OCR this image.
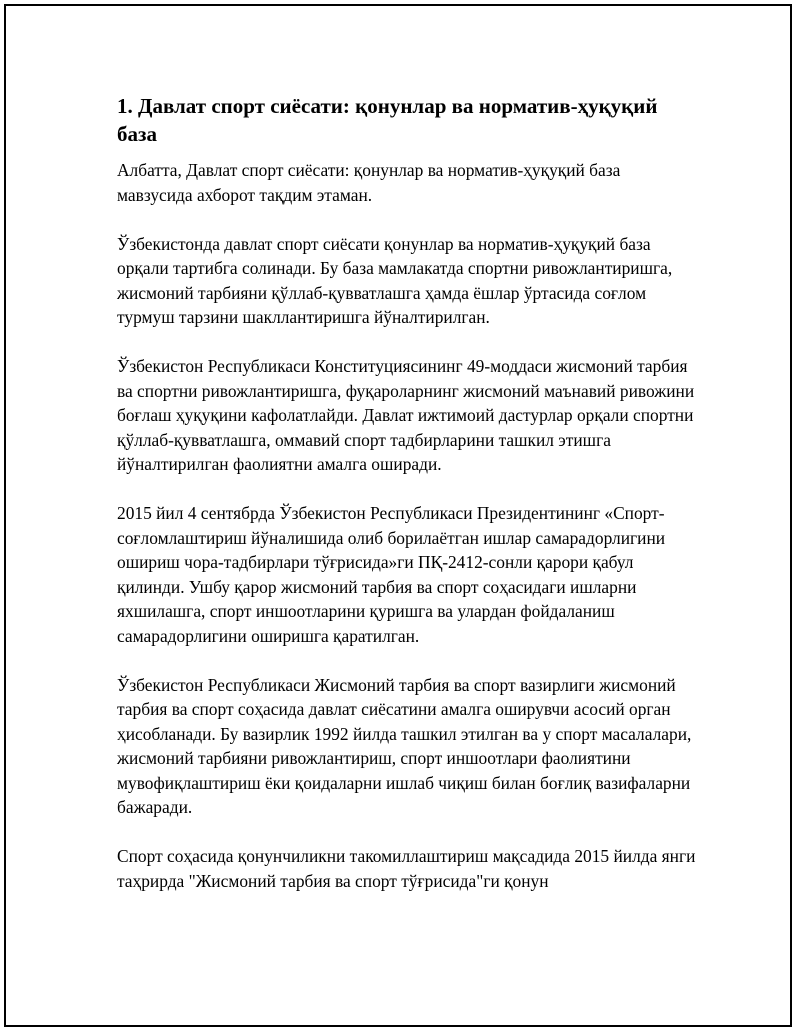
1. Давлат спорт сиёсати: қонунлар ва норматив-ҳуқуқий база

Албатта, Давлат спорт сиёсати: қонунлар ва норматив-ҳуқуқий база мавзусида ахборот тақдим этаман.

Ўзбекистонда давлат спорт сиёсати қонунлар ва норматив-ҳуқуқий база орқали тартибга солинади. Бу база мамлакатда спортни ривожлантиришга, жисмоний тарбияни қўллаб-қувватлашга ҳамда ёшлар ўртасида соғлом турмуш тарзини шакллантиришга йўналтирилган.

Ўзбекистон Республикаси Конституциясининг 49-моддаси жисмоний тарбия ва спортни ривожлантиришга, фуқароларнинг жисмоний маънавий ривожини боғлаш ҳуқуқини кафолатлайди. Давлат ижтимоий дастурлар орқали спортни қўллаб-қувватлашга, оммавий спорт тадбирларини ташкил этишга йўналтирилган фаолиятни амалга оширади.

2015 йил 4 сентябрда Ўзбекистон Республикаси Президентининг «Спорт-соғломлаштириш йўналишида олиб борилаётган ишлар самарадорлигини ошириш чора-тадбирлари тўғрисида»ги ПҚ-2412-сонли қарори қабул қилинди. Ушбу қарор жисмоний тарбия ва спорт соҳасидаги ишларни яхшилашга, спорт иншоотларини қуришга ва улардан фойдаланиш самарадорлигини оширишга қаратилган.

Ўзбекистон Республикаси Жисмоний тарбия ва спорт вазирлиги жисмоний тарбия ва спорт соҳасида давлат сиёсатини амалга оширувчи асосий орган ҳисобланади. Бу вазирлик 1992 йилда ташкил этилган ва у спорт масалалари, жисмоний тарбияни ривожлантириш, спорт иншоотлари фаолиятини мувофиқлаштириш ёки қоидаларни ишлаб чиқиш билан боғлиқ вазифаларни бажаради.

Спорт соҳасида қонунчиликни такомиллаштириш мақсадида 2015 йилда янги таҳрирда "Жисмоний тарбия ва спорт тўғрисида"ги қонун
